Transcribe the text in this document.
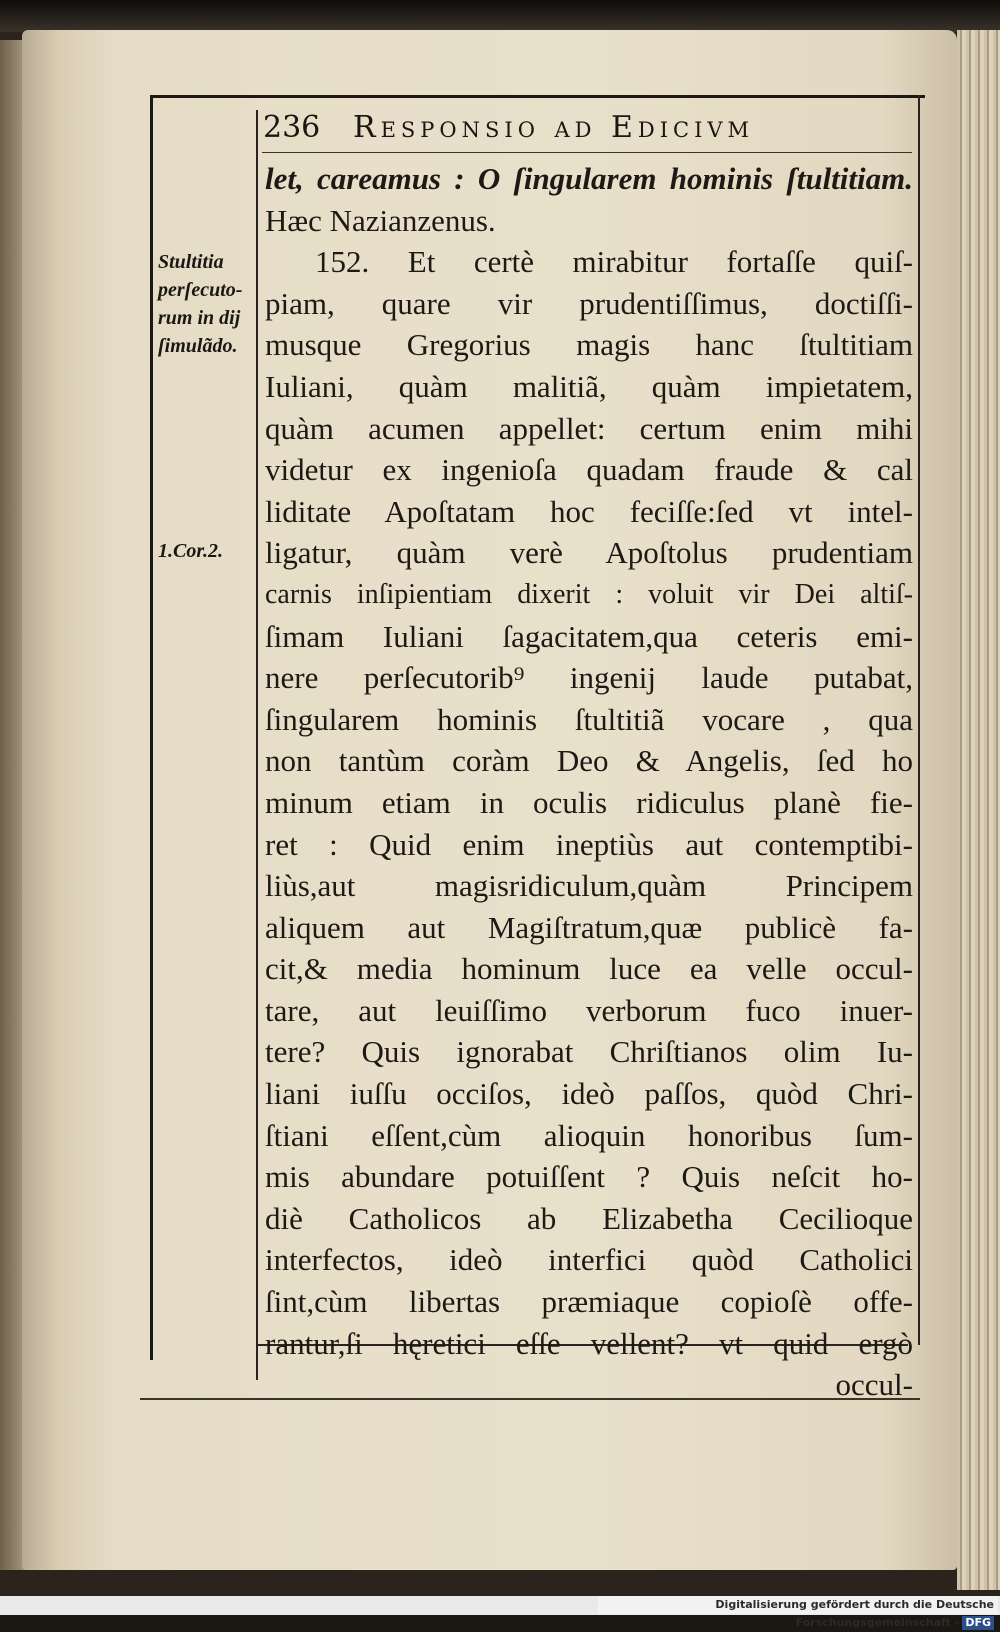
236 Responsio ad Edicivm
Stultitia
perſecuto-
rum in dij
ſimulãdo.
1.Cor.2.
let, careamus : O ſingularem hominis ſtultitiam.
Hæc Nazianzenus.
152. Et certè mirabitur fortaſſe quiſ-
piam, quare vir prudentiſſimus, doctiſſi-
musque Gregorius magis hanc ſtultitiam
Iuliani, quàm malitiã, quàm impietatem,
quàm acumen appellet: certum enim mihi
videtur ex ingenioſa quadam fraude & cal
liditate Apoſtatam hoc feciſſe:ſed vt intel-
ligatur, quàm verè Apoſtolus prudentiam
carnis inſipientiam dixerit : voluit vir Dei altiſ-
ſimam Iuliani ſagacitatem,qua ceteris emi-
nere perſecutorib⁹ ingenij laude putabat,
ſingularem hominis ſtultitiã vocare , qua
non tantùm coràm Deo & Angelis, ſed ho
minum etiam in oculis ridiculus planè fie-
ret : Quid enim ineptiùs aut contemptibi-
liùs,aut magisridiculum,quàm Principem
aliquem aut Magiſtratum,quæ publicè fa-
cit,& media hominum luce ea velle occul-
tare, aut leuiſſimo verborum fuco inuer-
tere? Quis ignorabat Chriſtianos olim Iu-
liani iuſſu occiſos, ideò paſſos, quòd Chri-
ſtiani eſſent,cùm alioquin honoribus ſum-
mis abundare potuiſſent ? Quis neſcit ho-
diè Catholicos ab Elizabetha Cecilioque
interfectos, ideò interfici quòd Catholici
ſint,cùm libertas præmiaque copioſè offe-
rantur,ſi hęretici eſſe vellent? vt quid ergò
occul-
Digitalisierung gefördert durch die Deutsche Forschungsgemeinschaft - DFG
